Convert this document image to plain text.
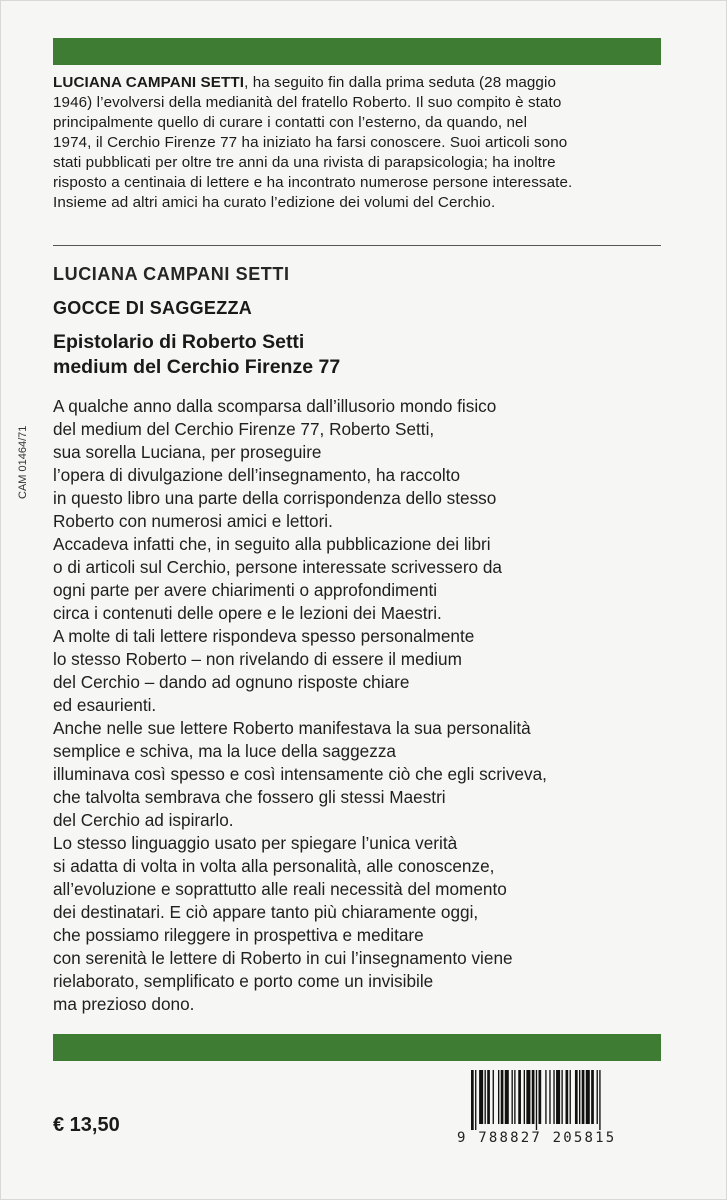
LUCIANA CAMPANI SETTI, ha seguito fin dalla prima seduta (28 maggio
1946) l’evolversi della medianità del fratello Roberto. Il suo compito è stato
principalmente quello di curare i contatti con l’esterno, da quando, nel
1974, il Cerchio Firenze 77 ha iniziato ha farsi conoscere. Suoi articoli sono
stati pubblicati per oltre tre anni da una rivista di parapsicologia; ha inoltre
risposto a centinaia di lettere e ha incontrato numerose persone interessate.
Insieme ad altri amici ha curato l’edizione dei volumi del Cerchio.
LUCIANA CAMPANI SETTI
GOCCE DI SAGGEZZA
Epistolario di Roberto Setti
medium del Cerchio Firenze 77
CAM 01464/71
A qualche anno dalla scomparsa dall’illusorio mondo fisico
del medium del Cerchio Firenze 77, Roberto Setti,
sua sorella Luciana, per proseguire
l’opera di divulgazione dell’insegnamento, ha raccolto
in questo libro una parte della corrispondenza dello stesso
Roberto con numerosi amici e lettori.
Accadeva infatti che, in seguito alla pubblicazione dei libri
o di articoli sul Cerchio, persone interessate scrivessero da
ogni parte per avere chiarimenti o approfondimenti
circa i contenuti delle opere e le lezioni dei Maestri.
A molte di tali lettere rispondeva spesso personalmente
lo stesso Roberto – non rivelando di essere il medium
del Cerchio – dando ad ognuno risposte chiare
ed esaurienti.
Anche nelle sue lettere Roberto manifestava la sua personalità
semplice e schiva, ma la luce della saggezza
illuminava così spesso e così intensamente ciò che egli scriveva,
che talvolta sembrava che fossero gli stessi Maestri
del Cerchio ad ispirarlo.
Lo stesso linguaggio usato per spiegare l’unica verità
si adatta di volta in volta alla personalità, alle conoscenze,
all’evoluzione e soprattutto alle reali necessità del momento
dei destinatari. E ciò appare tanto più chiaramente oggi,
che possiamo rileggere in prospettiva e meditare
con serenità le lettere di Roberto in cui l’insegnamento viene
rielaborato, semplificato e porto come un invisibile
ma prezioso dono.
€ 13,50
9 788827 205815
